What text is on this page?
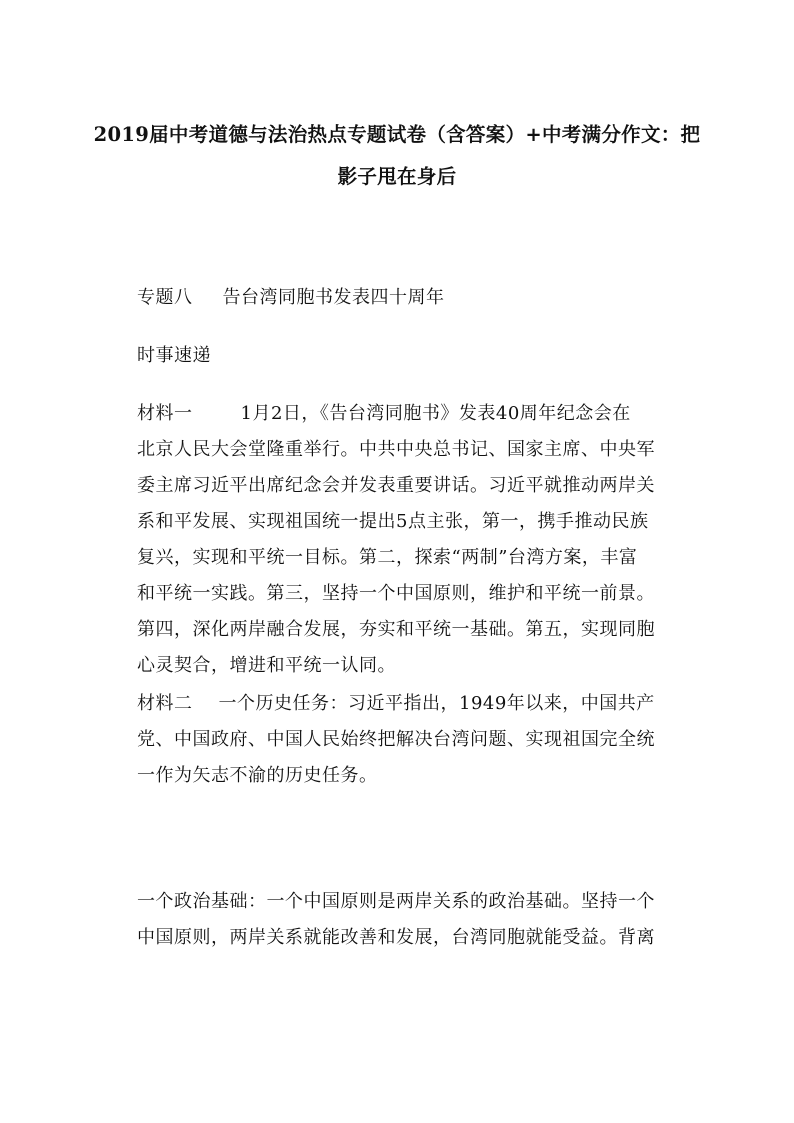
2019届中考道德与法治热点专题试卷（含答案）+中考满分作文：把
影子甩在身后
专题八 告台湾同胞书发表四十周年
时事速递

材料一	1月2日，《告台湾同胞书》发表40周年纪念会在
北京人民大会堂隆重举行。中共中央总书记、国家主席、中央军
委主席习近平出席纪念会并发表重要讲话。习近平就推动两岸关
系和平发展、实现祖国统一提出5点主张，第一，携手推动民族
复兴，实现和平统一目标。第二，探索“两制”台湾方案，丰富
和平统一实践。第三，坚持一个中国原则，维护和平统一前景。
第四，深化两岸融合发展，夯实和平统一基础。第五，实现同胞
心灵契合，增进和平统一认同。

材料二 一个历史任务：习近平指出，1949年以来，中国共产
党、中国政府、中国人民始终把解决台湾问题、实现祖国完全统
一作为矢志不渝的历史任务。

一个政治基础：一个中国原则是两岸关系的政治基础。坚持一个
中国原则，两岸关系就能改善和发展，台湾同胞就能受益。背离
